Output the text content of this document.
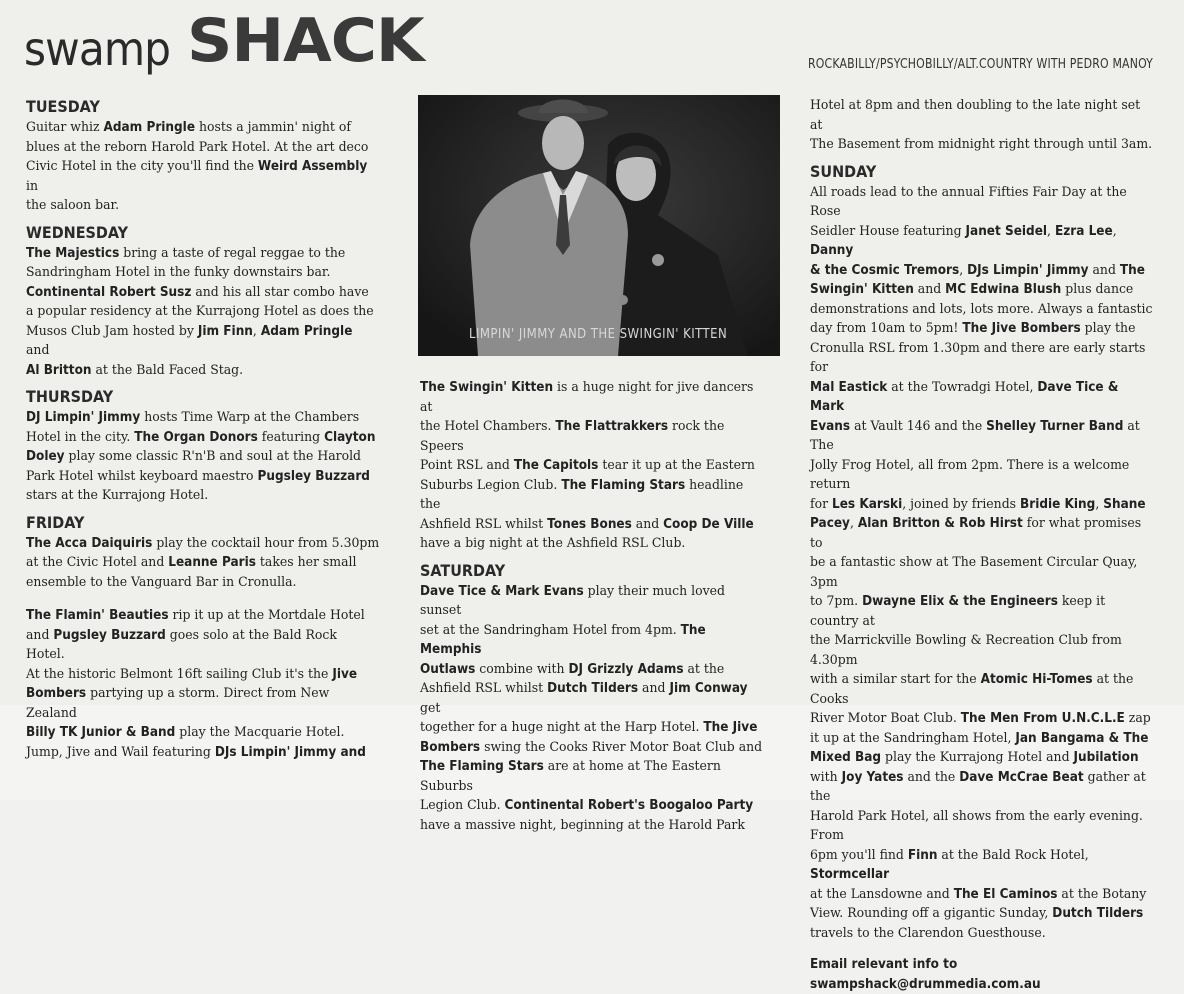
swamp SHACK	ROCKABILLY/PSYCHOBILLY/ALT.COUNTRY WITH PEDRO MANOY
TUESDAY

Guitar whiz Adam Pringle hosts a jammin' night of
blues at the reborn Harold Park Hotel. At the art deco
Civic Hotel in the city you'll find the Weird Assembly in
the saloon bar.

WEDNESDAY

The Majestics bring a taste of regal reggae to the
Sandringham Hotel in the funky downstairs bar.
Continental Robert Susz and his all star combo have
a popular residency at the Kurrajong Hotel as does the
Musos Club Jam hosted by Jim Finn, Adam Pringle and
Al Britton at the Bald Faced Stag.

THURSDAY

DJ Limpin' Jimmy hosts Time Warp at the Chambers
Hotel in the city. The Organ Donors featuring Clayton
Doley play some classic R'n'B and soul at the Harold
Park Hotel whilst keyboard maestro Pugsley Buzzard
stars at the Kurrajong Hotel.

FRIDAY

The Acca Daiquiris play the cocktail hour from 5.30pm
at the Civic Hotel and Leanne Paris takes her small
ensemble to the Vanguard Bar in Cronulla.

The Flamin' Beauties rip it up at the Mortdale Hotel
and Pugsley Buzzard goes solo at the Bald Rock Hotel.
At the historic Belmont 16ft sailing Club it's the Jive
Bombers partying up a storm. Direct from New Zealand
Billy TK Junior & Band play the Macquarie Hotel.
Jump, Jive and Wail featuring DJs Limpin' Jimmy and

LIMPIN' JIMMY AND THE SWINGIN' KITTEN

The Swingin' Kitten is a huge night for jive dancers at
the Hotel Chambers. The Flattrakkers rock the Speers
Point RSL and The Capitols tear it up at the Eastern
Suburbs Legion Club. The Flaming Stars headline the
Ashfield RSL whilst Tones Bones and Coop De Ville
have a big night at the Ashfield RSL Club.

SATURDAY

Dave Tice & Mark Evans play their much loved sunset
set at the Sandringham Hotel from 4pm. The Memphis
Outlaws combine with DJ Grizzly Adams at the
Ashfield RSL whilst Dutch Tilders and Jim Conway get
together for a huge night at the Harp Hotel. The Jive
Bombers swing the Cooks River Motor Boat Club and
The Flaming Stars are at home at The Eastern Suburbs
Legion Club. Continental Robert's Boogaloo Party
have a massive night, beginning at the Harold Park

Hotel at 8pm and then doubling to the late night set at
The Basement from midnight right through until 3am.

SUNDAY

All roads lead to the annual Fifties Fair Day at the Rose
Seidler House featuring Janet Seidel, Ezra Lee, Danny
& the Cosmic Tremors, DJs Limpin' Jimmy and The
Swingin' Kitten and MC Edwina Blush plus dance
demonstrations and lots, lots more. Always a fantastic
day from 10am to 5pm! The Jive Bombers play the
Cronulla RSL from 1.30pm and there are early starts for
Mal Eastick at the Towradgi Hotel, Dave Tice & Mark
Evans at Vault 146 and the Shelley Turner Band at The
Jolly Frog Hotel, all from 2pm. There is a welcome return
for Les Karski, joined by friends Bridie King, Shane
Pacey, Alan Britton & Rob Hirst for what promises to
be a fantastic show at The Basement Circular Quay, 3pm
to 7pm. Dwayne Elix & the Engineers keep it country at
the Marrickville Bowling & Recreation Club from 4.30pm
with a similar start for the Atomic Hi-Tomes at the Cooks
River Motor Boat Club. The Men From U.N.C.L.E zap
it up at the Sandringham Hotel, Jan Bangama & The
Mixed Bag play the Kurrajong Hotel and Jubilation
with Joy Yates and the Dave McCrae Beat gather at the
Harold Park Hotel, all shows from the early evening. From
6pm you'll find Finn at the Bald Rock Hotel, Stormcellar
at the Lansdowne and The El Caminos at the Botany
View. Rounding off a gigantic Sunday, Dutch Tilders
travels to the Clarendon Guesthouse.

Email relevant info to

swampshack@drummedia.com.au
